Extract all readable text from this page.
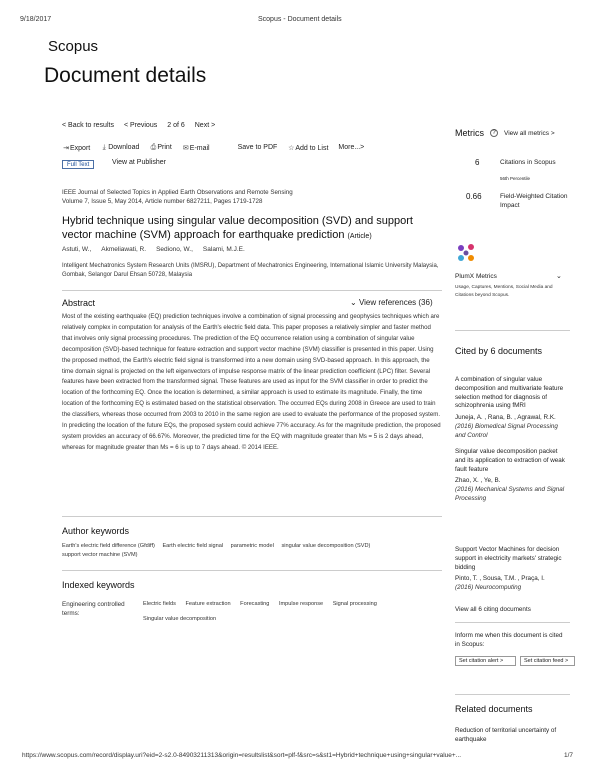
9/18/2017	Scopus - Document details
Scopus
Document details
< Back to results < Previous 2 of 6 Next >
⇥Export	⤓ Download ⎙Print ✉E-mail	Save to PDF ☆Add to List More...>
Full Text	View at Publisher
IEEE Journal of Selected Topics in Applied Earth Observations and Remote Sensing
Volume 7, Issue 5, May 2014, Article number 6827211, Pages 1719-1728
Hybrid technique using singular value decomposition (SVD) and support vector machine (SVM) approach for earthquake prediction (Article)
Astuti, W., Akmeliawati, R. Sediono, W., Salami, M.J.E.
Intelligent Mechatronics System Research Units (IMSRU), Department of Mechatronics Engineering, International Islamic University Malaysia, Gombak, Selangor Darul Ehsan 50728, Malaysia
Abstract	⌄ View references (36)
Most of the existing earthquake (EQ) prediction techniques involve a combination of signal processing and geophysics techniques which are relatively complex in computation for analysis of the Earth's electric field data. This paper proposes a relatively simpler and faster method that involves only signal processing procedures. The prediction of the EQ occurrence relation using a combination of singular value decomposition (SVD)-based technique for feature extraction and support vector machine (SVM) classifier is presented in this paper. Using the proposed method, the Earth's electric field signal is transformed into a new domain using SVD-based approach. In this approach, the time domain signal is projected on the left eigenvectors of impulse response matrix of the linear prediction coefficient (LPC) filter. Several features have been extracted from the transformed signal. These features are used as input for the SVM classifier in order to predict the location of the forthcoming EQ. Once the location is determined, a similar approach is used to estimate its magnitude. Finally, the time location of the forthcoming EQ is estimated based on the statistical observation. The occurred EQs during 2008 in Greece are used to train the classifiers, whereas those occurred from 2003 to 2010 in the same region are used to evaluate the performance of the proposed system. In predicting the location of the future EQs, the proposed system could achieve 77% accuracy. As for the magnitude prediction, the proposed system provides an accuracy of 66.67%. Moreover, the predicted time for the EQ with magnitude greater than Ms = 5 is 2 days ahead, whereas for magnitude greater than Ms = 6 is up to 7 days ahead. © 2014 IEEE.
Author keywords
Earth's electric field difference (Gfdiff) Earth electric field signal parametric model singular value decomposition (SVD)
support vector machine (SVM)
Indexed keywords
Engineering controlled terms:
Electric fields Feature extraction Forecasting Impulse response Signal processing
Singular value decomposition
Metrics	?	View all metrics >
6	Citations in Scopus
56th Percentile
0.66	Field-Weighted Citation Impact
PlumX Metrics	⌄
Usage, Captures, Mentions, Social Media and Citations beyond Scopus.
Cited by 6 documents
A combination of singular value decomposition and multivariate feature selection method for diagnosis of schizophrenia using fMRI
Juneja, A. , Rana, B. , Agrawal, R.K.
(2016) Biomedical Signal Processing and Control
Singular value decomposition packet and its application to extraction of weak fault feature
Zhao, X. , Ye, B.
(2016) Mechanical Systems and Signal Processing
Support Vector Machines for decision support in electricity markets' strategic bidding
Pinto, T. , Sousa, T.M. , Praça, I.
(2016) Neurocomputing
View all 6 citing documents
Inform me when this document is cited in Scopus:
Set citation alert >	Set citation feed >
Related documents
Reduction of territorial uncertainty of earthquake
https://www.scopus.com/record/display.uri?eid=2-s2.0-84903211313&origin=resultslist&sort=plf-f&src=s&st1=Hybrid+technique+using+singular+value+...	1/7
